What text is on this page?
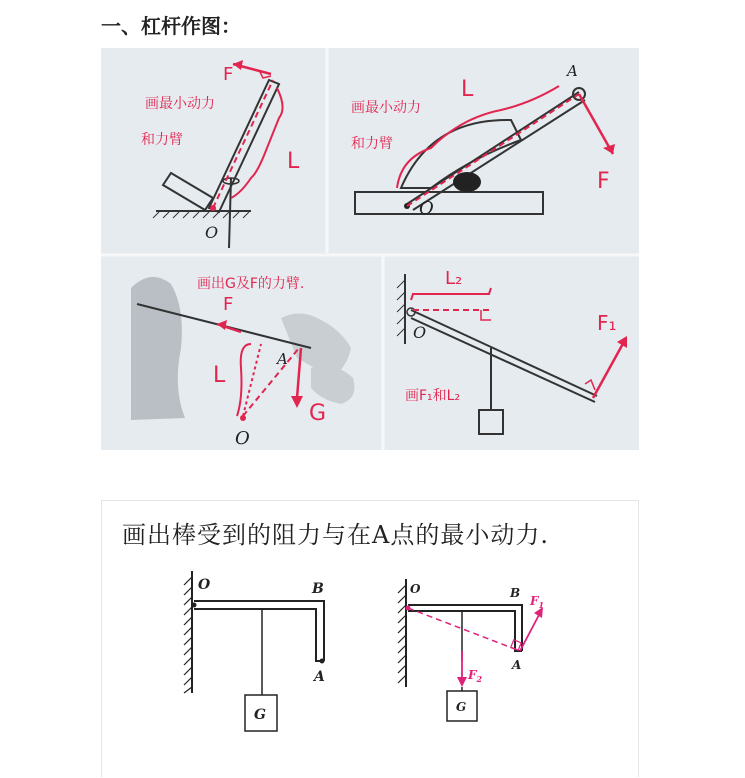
一、杠杆作图：
画最小动力
和力臂
F
L
O
画最小动力
和力臂
L
A
F
O
画出G及F的力臂.
F
L
A
G
O
L₂
O	F₁
画F₁和L₂
画出棒受到的阻力与在A点的最小动力.
O	B
A
G
O	B
A
G
$F_1$
$F_2$
